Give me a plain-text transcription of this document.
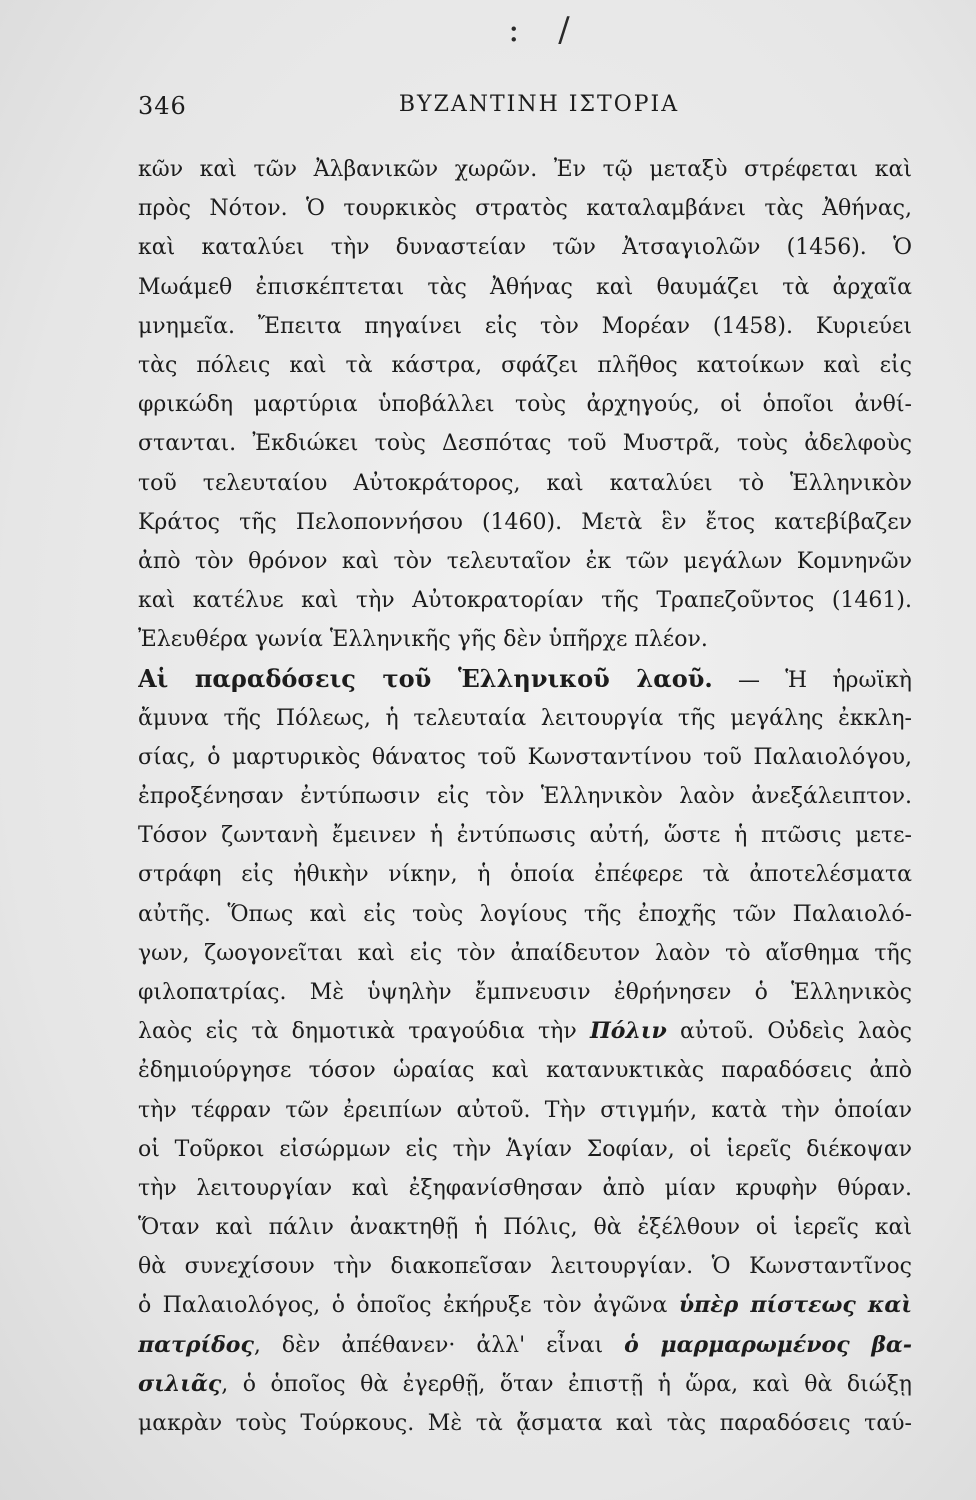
: /
346	ΒΥΖΑΝΤΙΝΗ ΙΣΤΟΡΙΑ
κῶν καὶ τῶν Ἀλβανικῶν χωρῶν. Ἐν τῷ μεταξὺ στρέφεται καὶ
πρὸς Νότον. Ὁ τουρκικὸς στρατὸς καταλαμβάνει τὰς Ἀθήνας,
καὶ καταλύει τὴν δυναστείαν τῶν Ἀτσαγιολῶν (1456). Ὁ
Μωάμεθ ἐπισκέπτεται τὰς Ἀθήνας καὶ θαυμάζει τὰ ἀρχαῖα
μνημεῖα. Ἔπειτα πηγαίνει εἰς τὸν Μορέαν (1458). Κυριεύει
τὰς πόλεις καὶ τὰ κάστρα, σφάζει πλῆθος κατοίκων καὶ εἰς
φρικώδη μαρτύρια ὑποβάλλει τοὺς ἀρχηγούς, οἱ ὁποῖοι ἀνθί-
στανται. Ἐκδιώκει τοὺς Δεσπότας τοῦ Μυστρᾶ, τοὺς ἀδελφοὺς
τοῦ τελευταίου Αὐτοκράτορος, καὶ καταλύει τὸ Ἑλληνικὸν
Κράτος τῆς Πελοποννήσου (1460). Μετὰ ἓν ἔτος κατεβίβαζεν
ἀπὸ τὸν θρόνον καὶ τὸν τελευταῖον ἐκ τῶν μεγάλων Κομνηνῶν
καὶ κατέλυε καὶ τὴν Αὐτοκρατορίαν τῆς Τραπεζοῦντος (1461).
Ἐλευθέρα γωνία Ἑλληνικῆς γῆς δὲν ὑπῆρχε πλέον.
Αἱ παραδόσεις τοῦ Ἑλληνικοῦ λαοῦ. — Ἡ ἡρωϊκὴ
ἄμυνα τῆς Πόλεως, ἡ τελευταία λειτουργία τῆς μεγάλης ἐκκλη-
σίας, ὁ μαρτυρικὸς θάνατος τοῦ Κωνσταντίνου τοῦ Παλαιολόγου,
ἐπροξένησαν ἐντύπωσιν εἰς τὸν Ἑλληνικὸν λαὸν ἀνεξάλειπτον.
Τόσον ζωντανὴ ἔμεινεν ἡ ἐντύπωσις αὐτή, ὥστε ἡ πτῶσις μετε-
στράφη εἰς ἠθικὴν νίκην, ἡ ὁποία ἐπέφερε τὰ ἀποτελέσματα
αὐτῆς. Ὅπως καὶ εἰς τοὺς λογίους τῆς ἐποχῆς τῶν Παλαιολό-
γων, ζωογονεῖται καὶ εἰς τὸν ἀπαίδευτον λαὸν τὸ αἴσθημα τῆς
φιλοπατρίας. Μὲ ὑψηλὴν ἔμπνευσιν ἐθρήνησεν ὁ Ἑλληνικὸς
λαὸς εἰς τὰ δημοτικὰ τραγούδια τὴν Πόλιν αὐτοῦ. Οὐδεὶς λαὸς
ἐδημιούργησε τόσον ὡραίας καὶ κατανυκτικὰς παραδόσεις ἀπὸ
τὴν τέφραν τῶν ἐρειπίων αὐτοῦ. Τὴν στιγμήν, κατὰ τὴν ὁποίαν
οἱ Τοῦρκοι εἰσώρμων εἰς τὴν Ἁγίαν Σοφίαν, οἱ ἱερεῖς διέκοψαν
τὴν λειτουργίαν καὶ ἐξηφανίσθησαν ἀπὸ μίαν κρυφὴν θύραν.
Ὅταν καὶ πάλιν ἀνακτηθῇ ἡ Πόλις, θὰ ἐξέλθουν οἱ ἱερεῖς καὶ
θὰ συνεχίσουν τὴν διακοπεῖσαν λειτουργίαν. Ὁ Κωνσταντῖνος
ὁ Παλαιολόγος, ὁ ὁποῖος ἐκήρυξε τὸν ἀγῶνα ὑπὲρ πίστεως καὶ
πατρίδος, δὲν ἀπέθανεν· ἀλλ' εἶναι ὁ μαρμαρωμένος βα-
σιλιᾶς, ὁ ὁποῖος θὰ ἐγερθῇ, ὅταν ἐπιστῇ ἡ ὥρα, καὶ θὰ διώξῃ
μακρὰν τοὺς Τούρκους. Μὲ τὰ ᾄσματα καὶ τὰς παραδόσεις ταύ-
